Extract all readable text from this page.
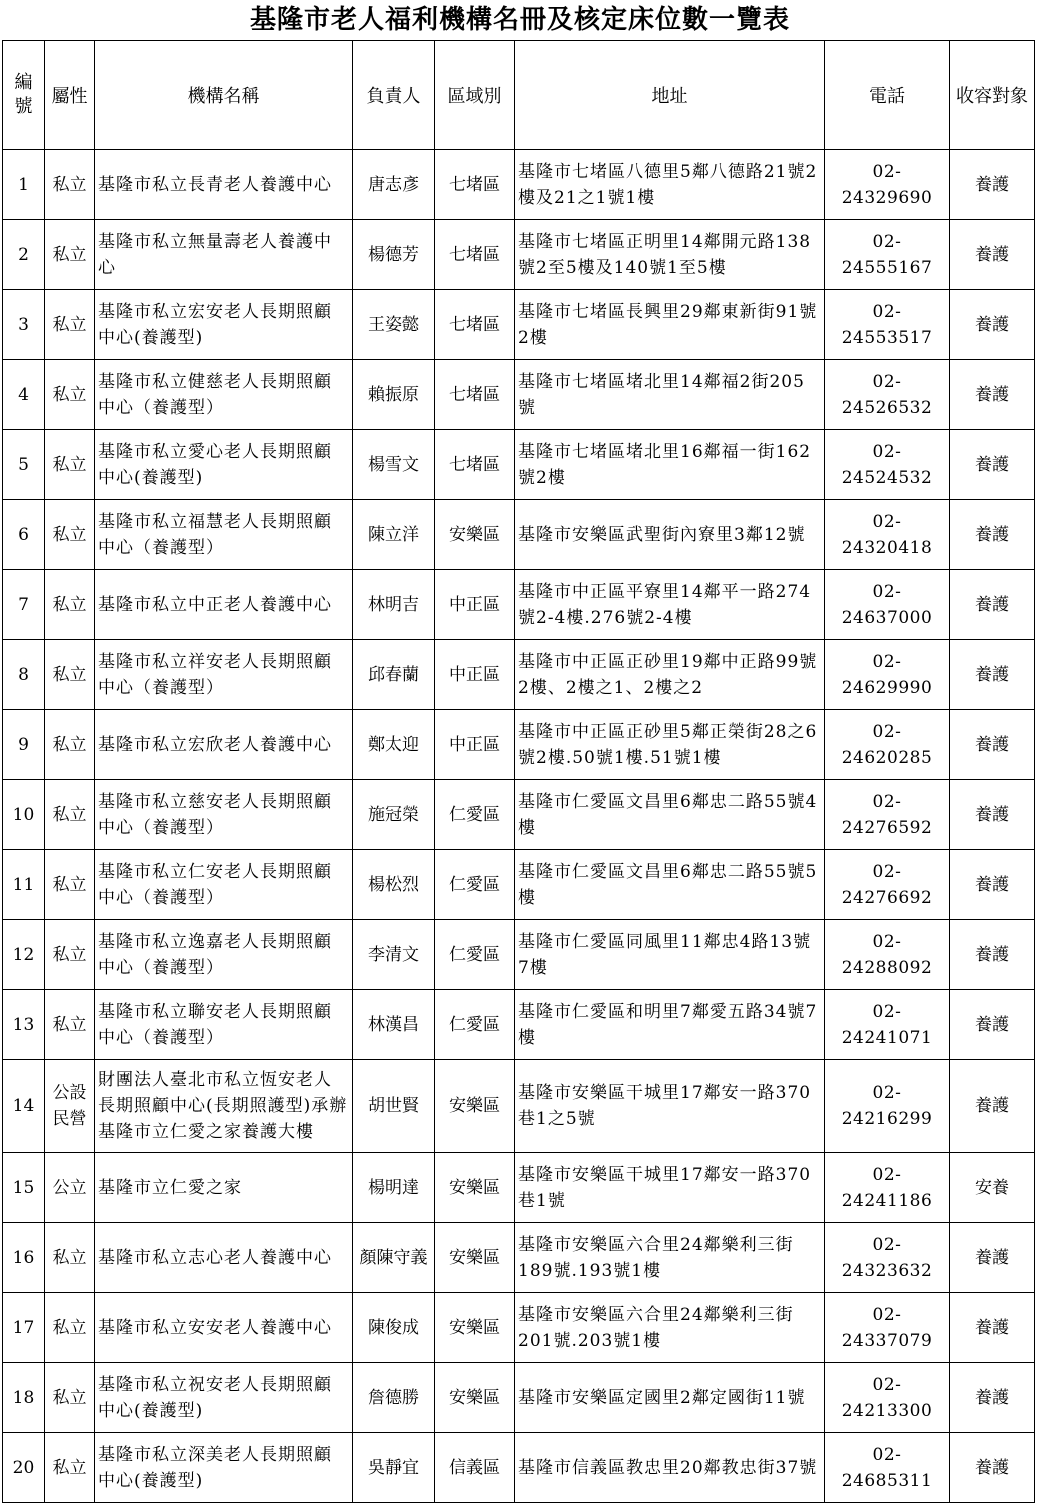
基隆市老人福利機構名冊及核定床位數一覽表
編號	屬性	機構名稱	負責人	區域別	地址	電話	收容對象
1	私立	基隆市私立長青老人養護中心	唐志彥	七堵區	基隆市七堵區八德里5鄰八德路21號2樓及21之1號1樓	02-24329690	養護
2	私立	基隆市私立無量壽老人養護中心	楊德芳	七堵區	基隆市七堵區正明里14鄰開元路138號2至5樓及140號1至5樓	02-24555167	養護
3	私立	基隆市私立宏安老人長期照顧中心(養護型)	王姿懿	七堵區	基隆市七堵區長興里29鄰東新街91號2樓	02-24553517	養護
4	私立	基隆市私立健慈老人長期照顧中心（養護型）	賴振原	七堵區	基隆市七堵區堵北里14鄰福2街205號	02-24526532	養護
5	私立	基隆市私立愛心老人長期照顧中心(養護型)	楊雪文	七堵區	基隆市七堵區堵北里16鄰福一街162號2樓	02-24524532	養護
6	私立	基隆市私立福慧老人長期照顧中心（養護型）	陳立洋	安樂區	基隆市安樂區武聖街內寮里3鄰12號	02-24320418	養護
7	私立	基隆市私立中正老人養護中心	林明吉	中正區	基隆市中正區平寮里14鄰平一路274號2-4樓.276號2-4樓	02-24637000	養護
8	私立	基隆市私立祥安老人長期照顧中心（養護型）	邱春蘭	中正區	基隆市中正區正砂里19鄰中正路99號2樓、2樓之1、2樓之2	02-24629990	養護
9	私立	基隆市私立宏欣老人養護中心	鄭太迎	中正區	基隆市中正區正砂里5鄰正榮街28之6號2樓.50號1樓.51號1樓	02-24620285	養護
10	私立	基隆市私立慈安老人長期照顧中心（養護型）	施冠榮	仁愛區	基隆市仁愛區文昌里6鄰忠二路55號4樓	02-24276592	養護
11	私立	基隆市私立仁安老人長期照顧中心（養護型）	楊松烈	仁愛區	基隆市仁愛區文昌里6鄰忠二路55號5樓	02-24276692	養護
12	私立	基隆市私立逸嘉老人長期照顧中心（養護型）	李清文	仁愛區	基隆市仁愛區同風里11鄰忠4路13號7樓	02-24288092	養護
13	私立	基隆市私立聯安老人長期照顧中心（養護型）	林漢昌	仁愛區	基隆市仁愛區和明里7鄰愛五路34號7樓	02-24241071	養護
14	公設民營	財團法人臺北市私立恆安老人長期照顧中心(長期照護型)承辦基隆市立仁愛之家養護大樓	胡世賢	安樂區	基隆市安樂區干城里17鄰安一路370巷1之5號	02-24216299	養護
15	公立	基隆市立仁愛之家	楊明達	安樂區	基隆市安樂區干城里17鄰安一路370巷1號	02-24241186	安養
16	私立	基隆市私立志心老人養護中心	顏陳守義	安樂區	基隆市安樂區六合里24鄰樂利三街189號.193號1樓	02-24323632	養護
17	私立	基隆市私立安安老人養護中心	陳俊成	安樂區	基隆市安樂區六合里24鄰樂利三街201號.203號1樓	02-24337079	養護
18	私立	基隆市私立祝安老人長期照顧中心(養護型)	詹德勝	安樂區	基隆市安樂區定國里2鄰定國街11號	02-24213300	養護
20	私立	基隆市私立深美老人長期照顧中心(養護型)	吳靜宜	信義區	基隆市信義區教忠里20鄰教忠街37號	02-24685311	養護
